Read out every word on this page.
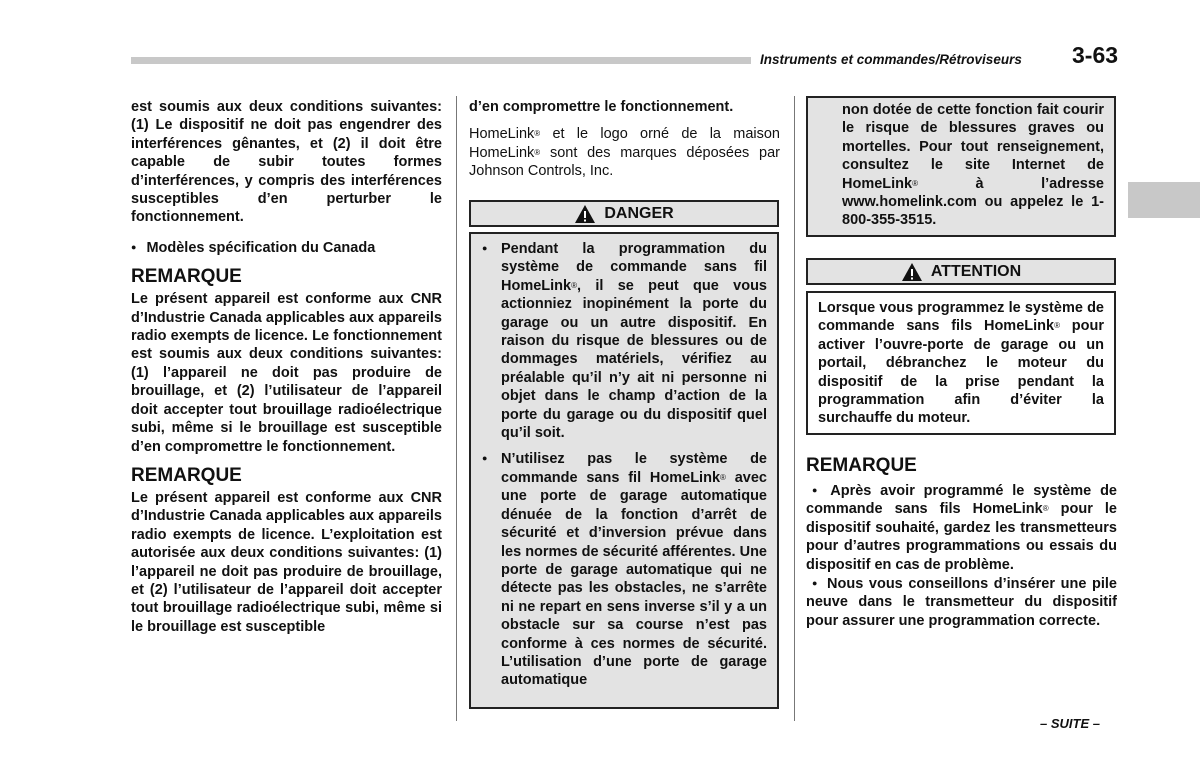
Instruments et commandes/Rétroviseurs 3-63

est soumis aux deux conditions suivantes: (1) Le dispositif ne doit pas engendrer des interférences gênantes, et (2) il doit être capable de subir toutes formes d’interférences, y compris des interférences susceptibles d’en perturber le fonctionnement.

● Modèles spécification du Canada

REMARQUE

Le présent appareil est conforme aux CNR d’Industrie Canada applicables aux appareils radio exempts de licence. Le fonctionnement est soumis aux deux conditions suivantes: (1) l’appareil ne doit pas produire de brouillage, et (2) l’utilisateur de l’appareil doit accepter tout brouillage radioélectrique subi, même si le brouillage est susceptible d’en compromettre le fonctionnement.

REMARQUE

Le présent appareil est conforme aux CNR d’Industrie Canada applicables aux appareils radio exempts de licence. L’exploitation est autorisée aux deux conditions suivantes: (1) l’appareil ne doit pas produire de brouillage, et (2) l’utilisateur de l’appareil doit accepter tout brouillage radioélectrique subi, même si le brouillage est susceptible

d’en compromettre le fonctionnement.

HomeLink® et le logo orné de la maison HomeLink® sont des marques déposées par Johnson Controls, Inc.

DANGER
● Pendant la programmation du système de commande sans fil HomeLink®, il se peut que vous actionniez inopinément la porte du garage ou un autre dispositif. En raison du risque de blessures ou de dommages matériels, vérifiez au préalable qu’il n’y ait ni personne ni objet dans le champ d’action de la porte du garage ou du dispositif quel qu’il soit.
● N’utilisez pas le système de commande sans fil HomeLink® avec une porte de garage automatique dénuée de la fonction d’arrêt de sécurité et d’inversion prévue dans les normes de sécurité afférentes. Une porte de garage automatique qui ne détecte pas les obstacles, ne s’arrête ni ne repart en sens inverse s’il y a un obstacle sur sa course n’est pas conforme à ces normes de sécurité. L’utilisation d’une porte de garage automatique

non dotée de cette fonction fait courir le risque de blessures graves ou mortelles. Pour tout renseignement, consultez le site Internet de HomeLink® à l’adresse www.homelink.com ou appelez le 1-800-355-3515.

ATTENTION

Lorsque vous programmez le système de commande sans fils HomeLink® pour activer l’ouvre-porte de garage ou un portail, débranchez le moteur du dispositif de la prise pendant la programmation afin d’éviter la surchauffe du moteur.

REMARQUE

● Après avoir programmé le système de commande sans fils HomeLink® pour le dispositif souhaité, gardez les transmetteurs pour d’autres programmations ou essais du dispositif en cas de problème.

● Nous vous conseillons d’insérer une pile neuve dans le transmetteur du dispositif pour assurer une programmation correcte.

– SUITE –
